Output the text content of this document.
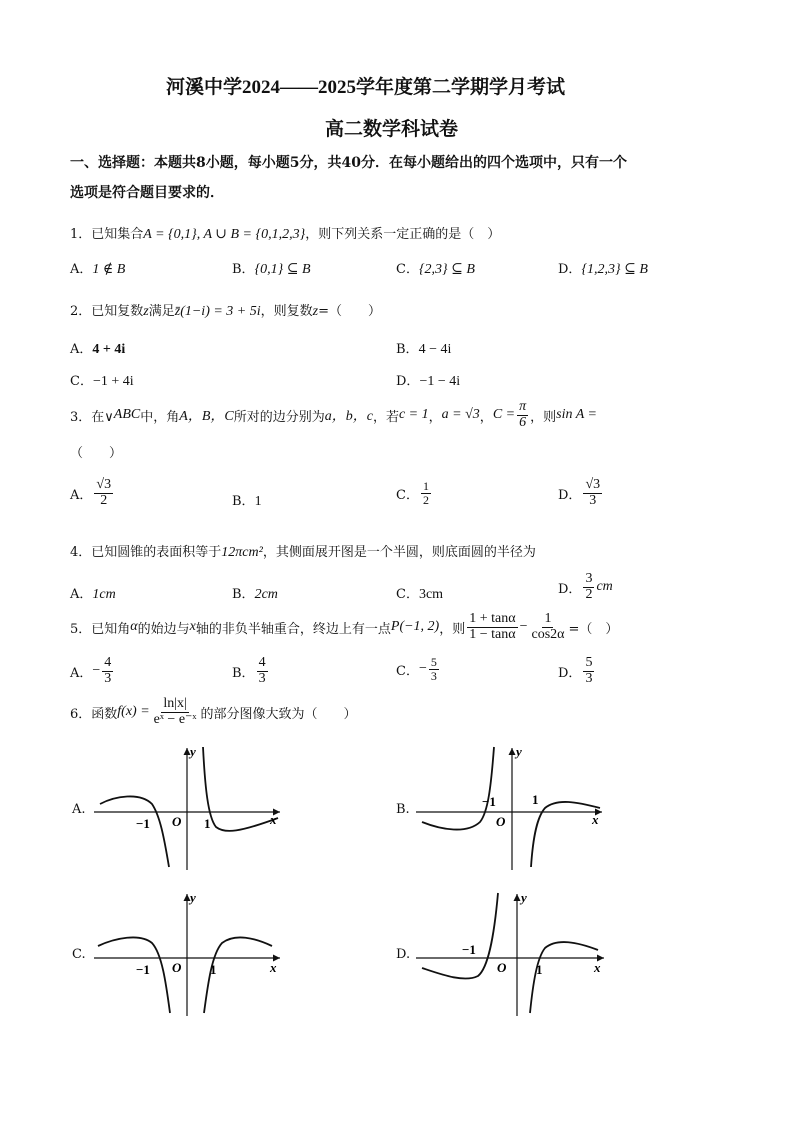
河溪中学2024——2025学年度第二学期学月考试
高二数学科试卷
一、选择题：本题共8小题，每小题5分，共40分．在每小题给出的四个选项中，只有一个
选项是符合题目要求的．
1．已知集合A = {0,1}, A ∪ B = {0,1,2,3}，则下列关系一定正确的是（　）
A．1 ∉ B	B．{0,1} ⊆ B	C．{2,3} ⊆ B	D．{1,2,3} ⊆ B
2．已知复数z满足z̄(1−i) = 3 + 5i，则复数z=（　　）
A．4 + 4i	B．4 − 4i
C．−1 + 4i	D．−1 − 4i
3．在∨ ABC 中，角 A，B，C 所对的边分别为 a，b，c ，若 c = 1 ， a = √3 ， $C = \frac{\pi}{6}$ ，则 sin A =
（　　）
A． $\frac{√3}{2}$	B．1	C． $\frac{1}{2}$	D． $\frac{√3}{3}$
4．已知圆锥的表面积等于12πcm²，其侧面展开图是一个半圆，则底面圆的半径为
A．1cm	B．2cm	C．3cm	D． $\frac{3}{2}$ cm
5．已知角 α 的始边与 x 轴的非负半轴重合，终边上有一点 P(−1, 2) ，则 $\frac{1 + \tan\alpha}{1 - \tan\alpha} - \frac{1}{\cos 2\alpha}$ =（　）
A． − $\frac{4}{3}$	B． $\frac{4}{3}$	C． − $\frac{5}{3}$	D． $\frac{5}{3}$
6．函数 $f(x) = \frac{\ln|x|}{\text{eˣ − e⁻ˣ}}$ 的部分图像大致为（　　）
A.
y
x
O
−1	1
B.
y
x
O
−1	1
C.
y
x
O
−1	1
D.
y
x
O
−1
1
